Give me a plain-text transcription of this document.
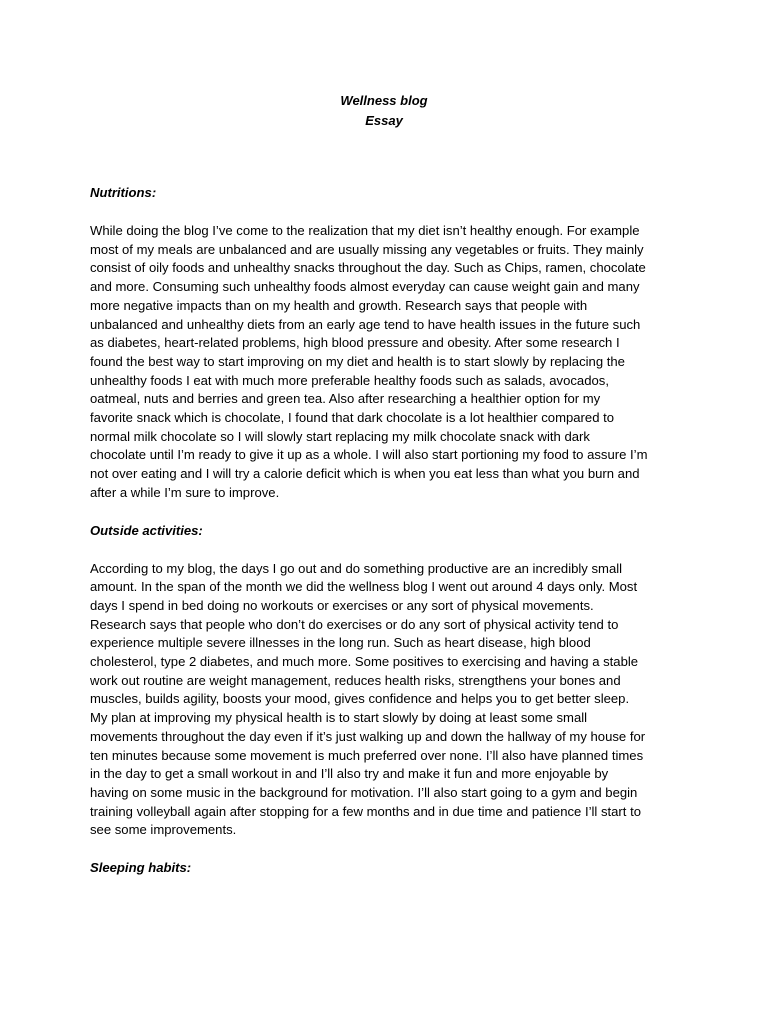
Wellness blog
Essay
Nutritions:
While doing the blog I’ve come to the realization that my diet isn’t healthy enough. For example
most of my meals are unbalanced and are usually missing any vegetables or fruits. They mainly
consist of oily foods and unhealthy snacks throughout the day. Such as Chips, ramen, chocolate
and more. Consuming such unhealthy foods almost everyday can cause weight gain and many
more negative impacts than on my health and growth. Research says that people with
unbalanced and unhealthy diets from an early age tend to have health issues in the future such
as diabetes, heart-related problems, high blood pressure and obesity. After some research I
found the best way to start improving on my diet and health is to start slowly by replacing the
unhealthy foods I eat with much more preferable healthy foods such as salads, avocados,
oatmeal, nuts and berries and green tea. Also after researching a healthier option for my
favorite snack which is chocolate, I found that dark chocolate is a lot healthier compared to
normal milk chocolate so I will slowly start replacing my milk chocolate snack with dark
chocolate until I’m ready to give it up as a whole. I will also start portioning my food to assure I’m
not over eating and I will try a calorie deficit which is when you eat less than what you burn and
after a while I’m sure to improve.
Outside activities:
According to my blog, the days I go out and do something productive are an incredibly small
amount. In the span of the month we did the wellness blog I went out around 4 days only. Most
days I spend in bed doing no workouts or exercises or any sort of physical movements.
Research says that people who don’t do exercises or do any sort of physical activity tend to
experience multiple severe illnesses in the long run. Such as heart disease, high blood
cholesterol, type 2 diabetes, and much more. Some positives to exercising and having a stable
work out routine are weight management, reduces health risks, strengthens your bones and
muscles, builds agility, boosts your mood, gives confidence and helps you to get better sleep.
My plan at improving my physical health is to start slowly by doing at least some small
movements throughout the day even if it’s just walking up and down the hallway of my house for
ten minutes because some movement is much preferred over none. I’ll also have planned times
in the day to get a small workout in and I’ll also try and make it fun and more enjoyable by
having on some music in the background for motivation. I’ll also start going to a gym and begin
training volleyball again after stopping for a few months and in due time and patience I’ll start to
see some improvements.
Sleeping habits:
